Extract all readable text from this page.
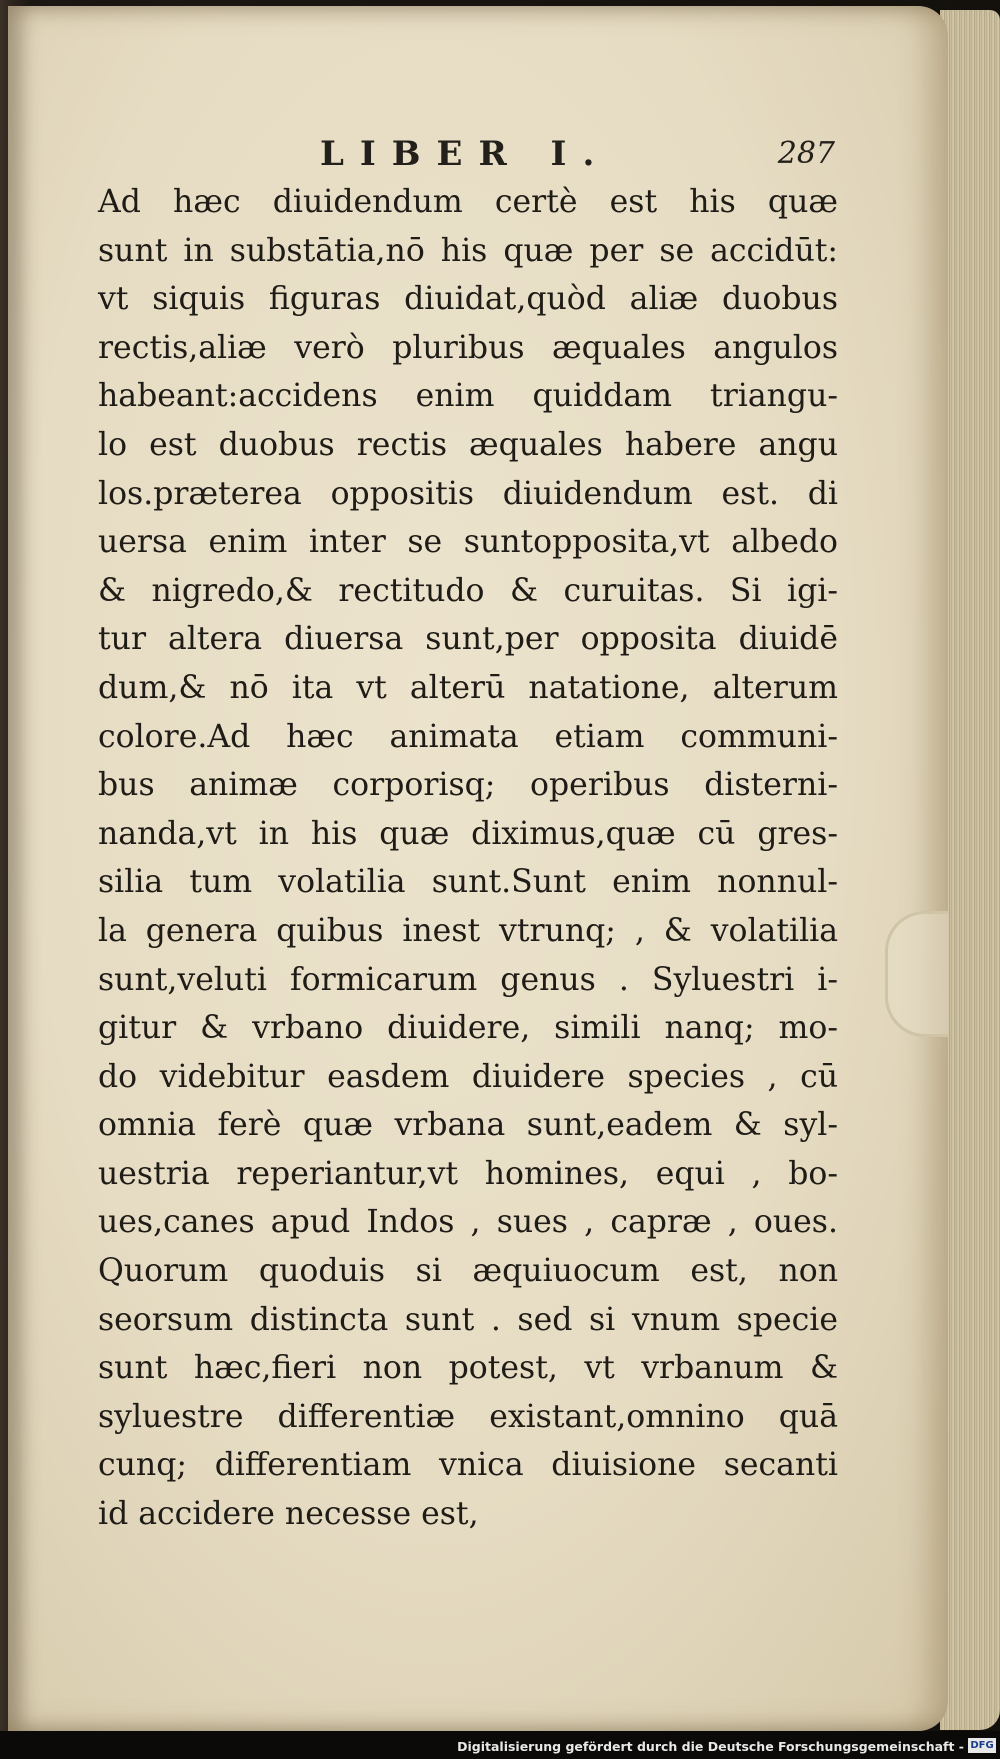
LIBER I.	287
Ad hæc diuidendum certè est his quæ
sunt in substātia,nō his quæ per se accidūt:
vt siquis figuras diuidat,quòd aliæ duobus
rectis,aliæ verò pluribus æquales angulos
habeant:accidens enim quiddam triangu-
lo est duobus rectis æquales habere angu
los.præterea oppositis diuidendum est. di
uersa enim inter se suntopposita,vt albedo
& nigredo,& rectitudo & curuitas. Si igi-
tur altera diuersa sunt,per opposita diuidē
dum,& nō ita vt alterū natatione, alterum
colore.Ad hæc animata etiam communi-
bus animæ corporisq; operibus disterni-
nanda,vt in his quæ diximus,quæ cū gres-
silia tum volatilia sunt.Sunt enim nonnul-
la genera quibus inest vtrunq; , & volatilia
sunt,veluti formicarum genus . Syluestri i-
gitur & vrbano diuidere, simili nanq; mo-
do videbitur easdem diuidere species , cū
omnia ferè quæ vrbana sunt,eadem & syl-
uestria reperiantur,vt homines, equi , bo-
ues,canes apud Indos , sues , capræ , oues.
Quorum quoduis si æquiuocum est, non
seorsum distincta sunt . sed si vnum specie
sunt hæc,fieri non potest, vt vrbanum &
syluestre differentiæ existant,omnino quā
cunq; differentiam vnica diuisione secanti
id accidere necesse est,
Digitalisierung gefördert durch die Deutsche Forschungsgemeinschaft - DFG
